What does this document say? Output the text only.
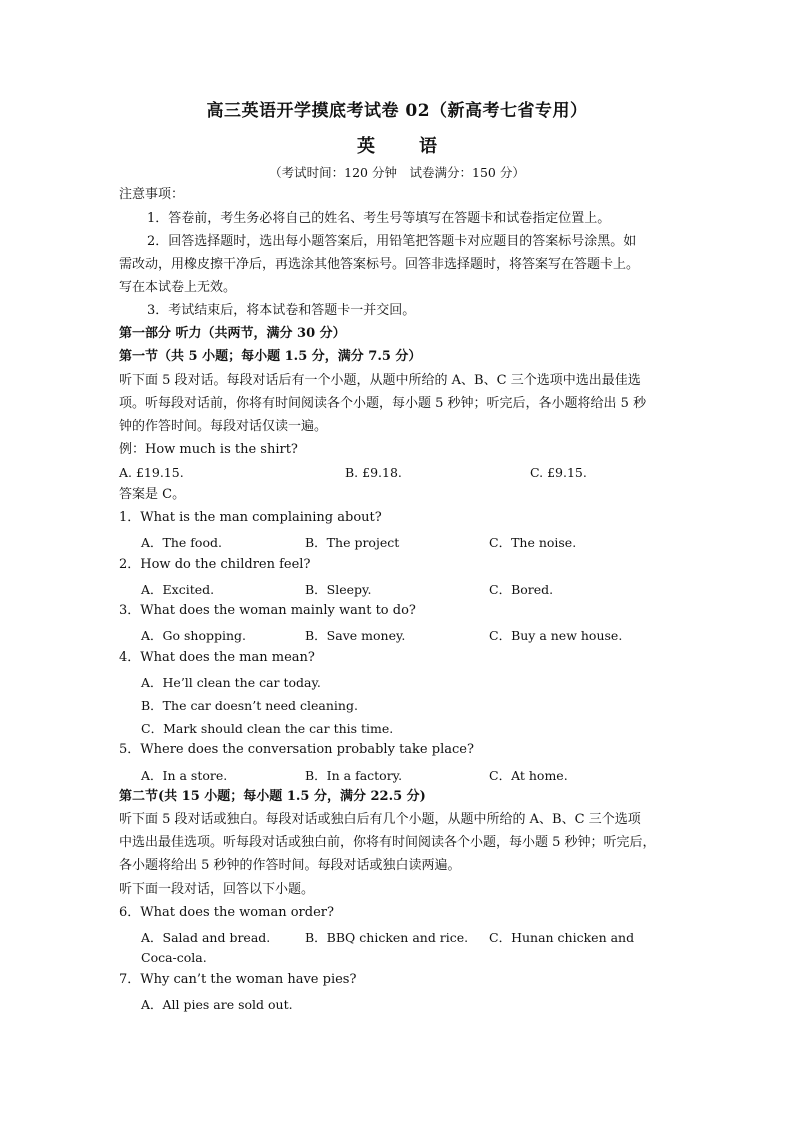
高三英语开学摸底考试卷 02（新高考七省专用）
英语
（考试时间：120 分钟　试卷满分：150 分）
注意事项：
1．答卷前，考生务必将自己的姓名、考生号等填写在答题卡和试卷指定位置上。
2．回答选择题时，选出每小题答案后，用铅笔把答题卡对应题目的答案标号涂黑。如
需改动，用橡皮擦干净后，再选涂其他答案标号。回答非选择题时，将答案写在答题卡上。
写在本试卷上无效。
3．考试结束后，将本试卷和答题卡一并交回。
第一部分 听力（共两节，满分 30 分）
第一节（共 5 小题；每小题 1.5 分，满分 7.5 分）
听下面 5 段对话。每段对话后有一个小题，从题中所给的 A、B、C 三个选项中选出最佳选
项。听每段对话前，你将有时间阅读各个小题，每小题 5 秒钟；听完后，各小题将给出 5 秒
钟的作答时间。每段对话仅读一遍。
例：How much is the shirt?
A. £19.15.	B. £9.18.	C. £9.15.
答案是 C。
1．What is the man complaining about?
A．The food.	B．The project	C．The noise.
2．How do the children feel?
A．Excited.	B．Sleepy.	C．Bored.
3．What does the woman mainly want to do?
A．Go shopping.	B．Save money.	C．Buy a new house.
4．What does the man mean?
A．He’ll clean the car today.
B．The car doesn’t need cleaning.
C．Mark should clean the car this time.
5．Where does the conversation probably take place?
A．In a store.	B．In a factory.	C．At home.
第二节(共 15 小题；每小题 1.5 分，满分 22.5 分)
听下面 5 段对话或独白。每段对话或独白后有几个小题，从题中所给的 A、B、C 三个选项
中选出最佳选项。听每段对话或独白前，你将有时间阅读各个小题，每小题 5 秒钟；听完后，
各小题将给出 5 秒钟的作答时间。每段对话或独白读两遍。
听下面一段对话，回答以下小题。
6．What does the woman order?
A．Salad and bread.	B．BBQ chicken and rice. C．Hunan chicken and
Coca-cola.
7．Why can’t the woman have pies?
A．All pies are sold out.
